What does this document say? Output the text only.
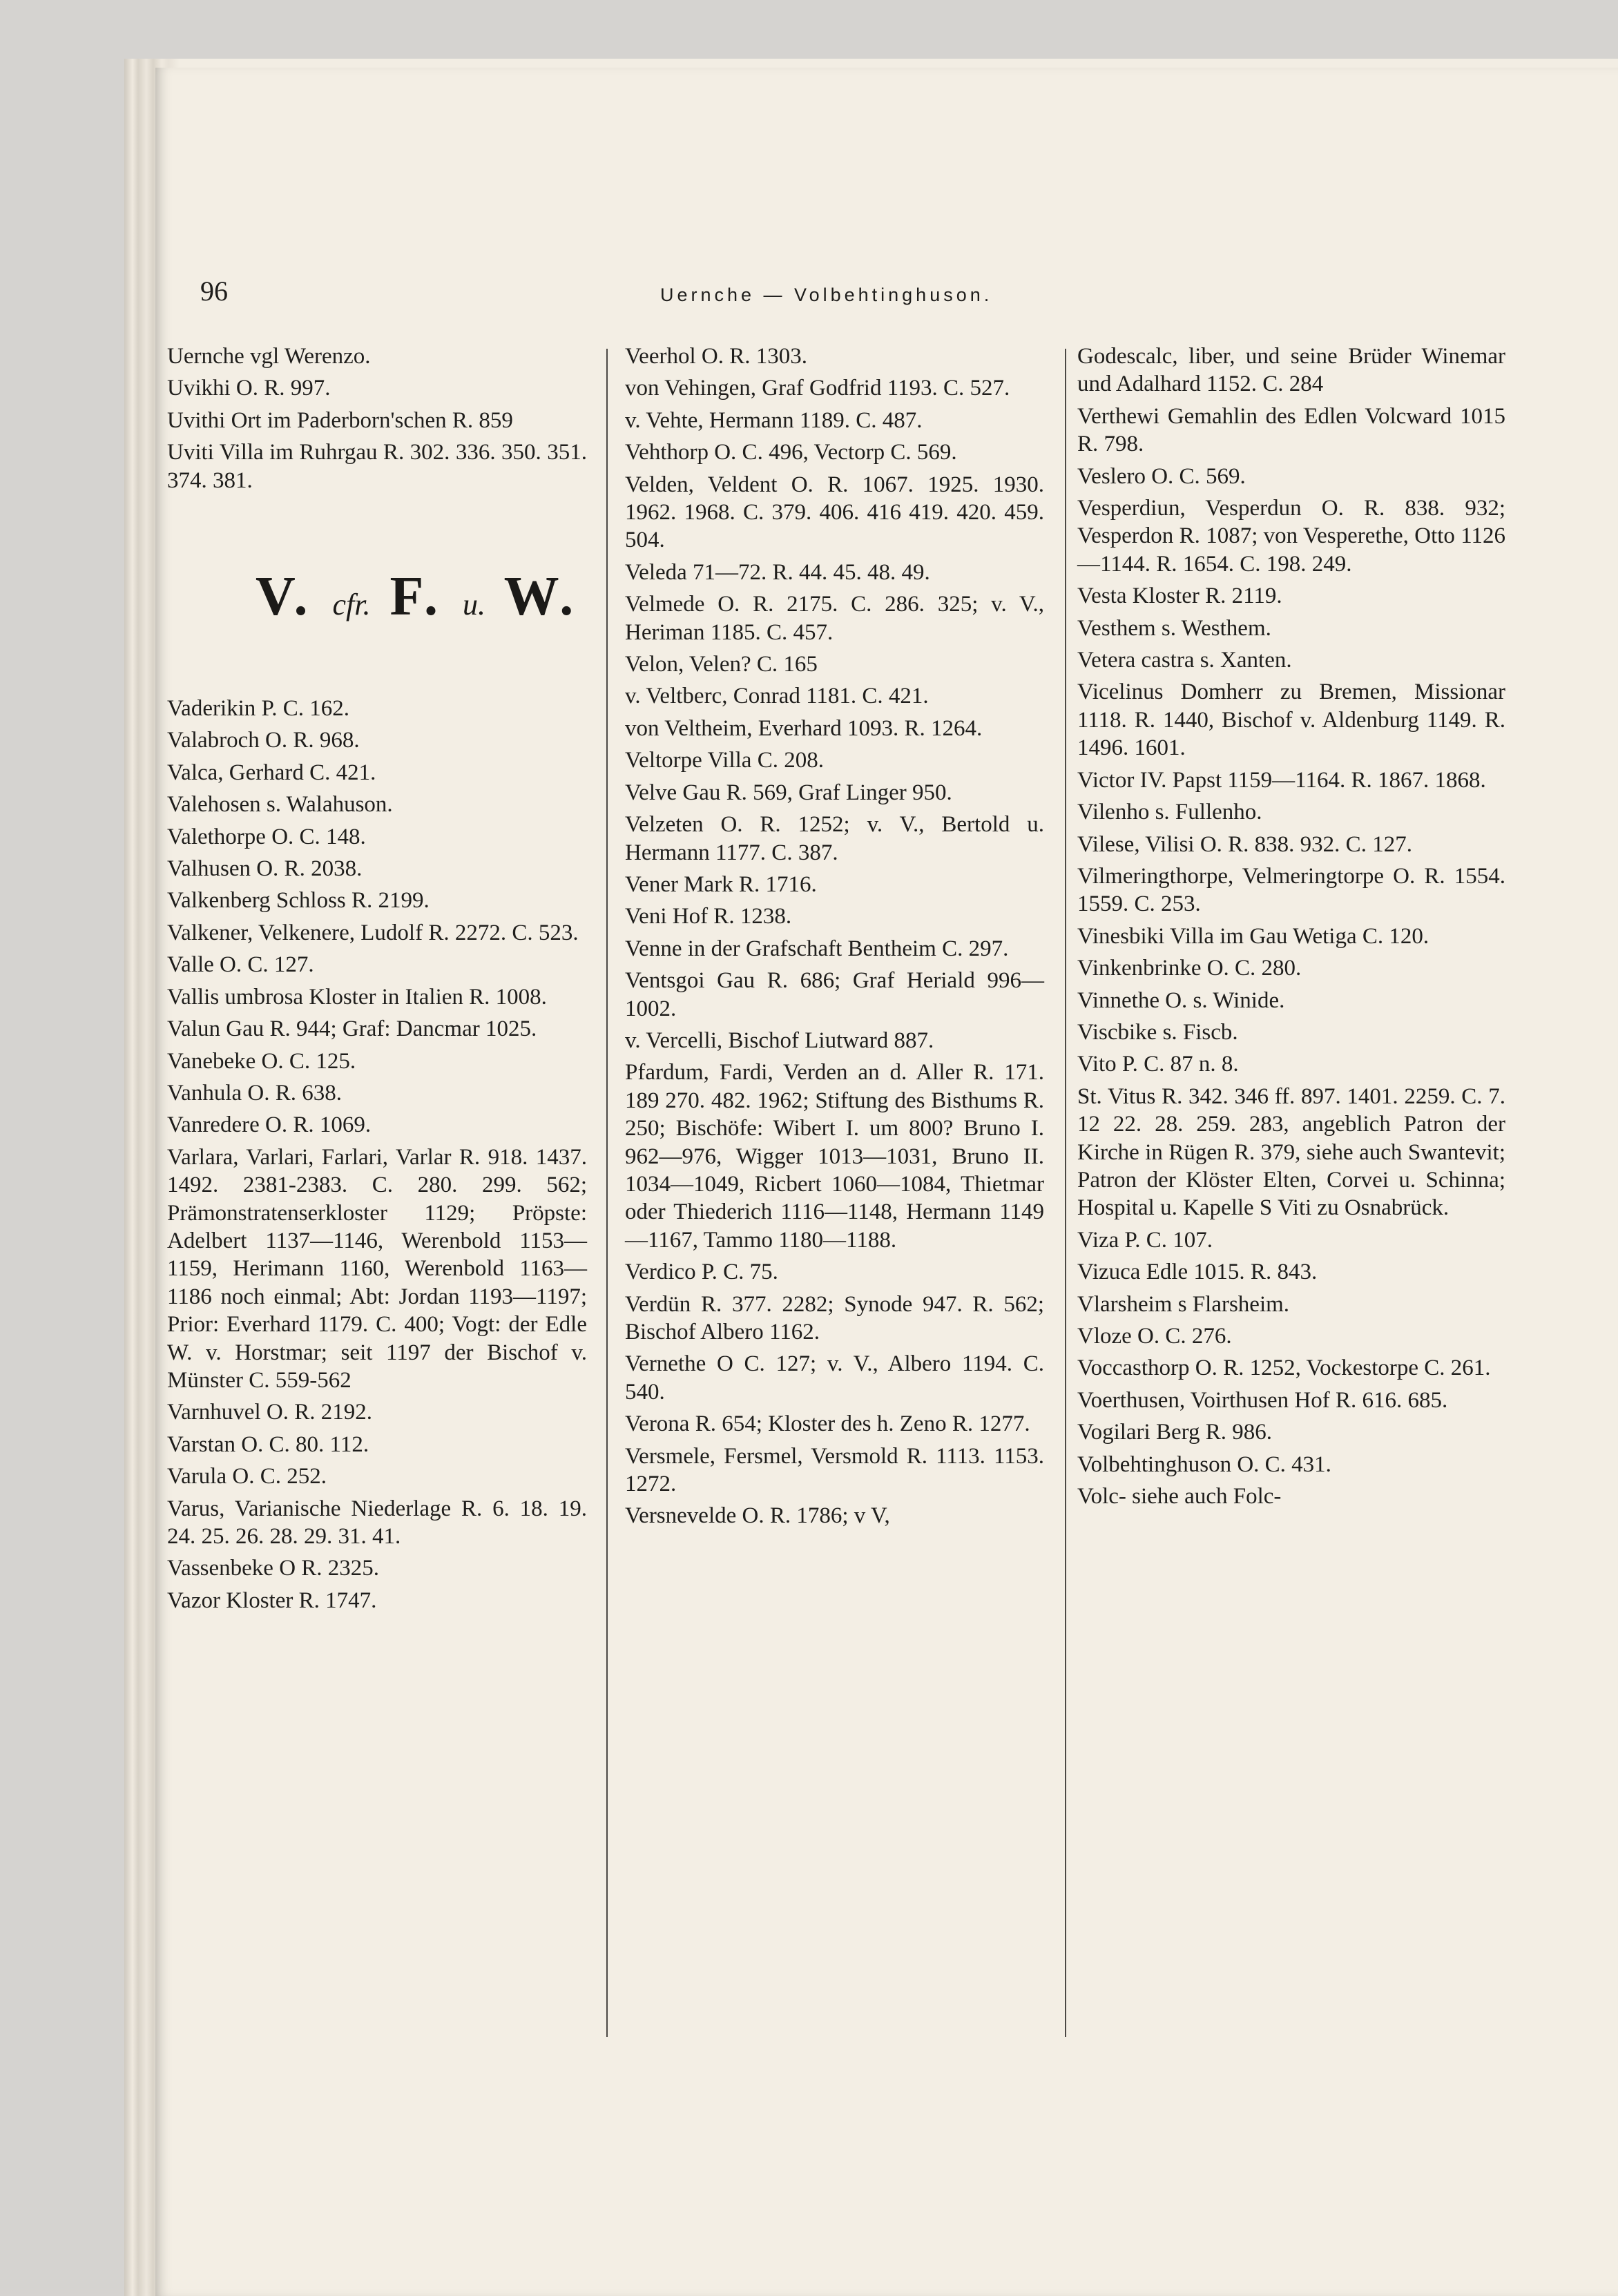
96	Uernche — Volbehtinghuson.

Uernche vgl Werenzo.

Uvikhi O. R. 997.

Uvithi Ort im Paderborn'schen R. 859

Uviti Villa im Ruhrgau R. 302. 336. 350. 351. 374. 381.

V. cfr. F. u. W.

Vaderikin P. C. 162.

Valabroch O. R. 968.

Valca, Gerhard C. 421.

Valehosen s. Walahuson.

Valethorpe O. C. 148.

Valhusen O. R. 2038.

Valkenberg Schloss R. 2199.

Valkener, Velkenere, Ludolf R. 2272. C. 523.

Valle O. C. 127.

Vallis umbrosa Kloster in Italien R. 1008.

Valun Gau R. 944; Graf: Dancmar 1025.

Vanebeke O. C. 125.

Vanhula O. R. 638.

Vanredere O. R. 1069.

Varlara, Varlari, Farlari, Varlar R. 918. 1437. 1492. 2381-2383. C. 280. 299. 562; Prämonstratenserkloster 1129; Pröpste: Adelbert 1137—1146, Werenbold 1153—1159, Herimann 1160, Werenbold 1163—1186 noch einmal; Abt: Jordan 1193—1197; Prior: Everhard 1179. C. 400; Vogt: der Edle W. v. Horstmar; seit 1197 der Bischof v. Münster C. 559-562

Varnhuvel O. R. 2192.

Varstan O. C. 80. 112.

Varula O. C. 252.

Varus, Varianische Niederlage R. 6. 18. 19. 24. 25. 26. 28. 29. 31. 41.

Vassenbeke O R. 2325.

Vazor Kloster R. 1747.

Veerhol O. R. 1303.

von Vehingen, Graf Godfrid 1193. C. 527.

v. Vehte, Hermann 1189. C. 487.

Vehthorp O. C. 496, Vectorp C. 569.

Velden, Veldent O. R. 1067. 1925. 1930. 1962. 1968. C. 379. 406. 416 419. 420. 459. 504.

Veleda 71—72. R. 44. 45. 48. 49.

Velmede O. R. 2175. C. 286. 325; v. V., Heriman 1185. C. 457.

Velon, Velen? C. 165

v. Veltberc, Conrad 1181. C. 421.

von Veltheim, Everhard 1093. R. 1264.

Veltorpe Villa C. 208.

Velve Gau R. 569, Graf Linger 950.

Velzeten O. R. 1252; v. V., Bertold u. Hermann 1177. C. 387.

Vener Mark R. 1716.

Veni Hof R. 1238.

Venne in der Grafschaft Bentheim C. 297.

Ventsgoi Gau R. 686; Graf Heriald 996—1002.

v. Vercelli, Bischof Liutward 887.

Pfardum, Fardi, Verden an d. Aller R. 171. 189 270. 482. 1962; Stiftung des Bisthums R. 250; Bischöfe: Wibert I. um 800? Bruno I. 962—976, Wigger 1013—1031, Bruno II. 1034—1049, Ricbert 1060—1084, Thietmar oder Thiederich 1116—1148, Hermann 1149—1167, Tammo 1180—1188.

Verdico P. C. 75.

Verdün R. 377. 2282; Synode 947. R. 562; Bischof Albero 1162.

Vernethe O C. 127; v. V., Albero 1194. C. 540.

Verona R. 654; Kloster des h. Zeno R. 1277.

Versmele, Fersmel, Versmold R. 1113. 1153. 1272.

Versnevelde O. R. 1786; v V,

Godescalc, liber, und seine Brüder Winemar und Adalhard 1152. C. 284

Verthewi Gemahlin des Edlen Volcward 1015 R. 798.

Veslero O. C. 569.

Vesperdiun, Vesperdun O. R. 838. 932; Vesperdon R. 1087; von Vesperethe, Otto 1126—1144. R. 1654. C. 198. 249.

Vesta Kloster R. 2119.

Vesthem s. Westhem.

Vetera castra s. Xanten.

Vicelinus Domherr zu Bremen, Missionar 1118. R. 1440, Bischof v. Aldenburg 1149. R. 1496. 1601.

Victor IV. Papst 1159—1164. R. 1867. 1868.

Vilenho s. Fullenho.

Vilese, Vilisi O. R. 838. 932. C. 127.

Vilmeringthorpe, Velmeringtorpe O. R. 1554. 1559. C. 253.

Vinesbiki Villa im Gau Wetiga C. 120.

Vinkenbrinke O. C. 280.

Vinnethe O. s. Winide.

Viscbike s. Fiscb.

Vito P. C. 87 n. 8.

St. Vitus R. 342. 346 ff. 897. 1401. 2259. C. 7. 12 22. 28. 259. 283, angeblich Patron der Kirche in Rügen R. 379, siehe auch Swantevit; Patron der Klöster Elten, Corvei u. Schinna; Hospital u. Kapelle S Viti zu Osnabrück.

Viza P. C. 107.

Vizuca Edle 1015. R. 843.

Vlarsheim s Flarsheim.

Vloze O. C. 276.

Voccasthorp O. R. 1252, Vockestorpe C. 261.

Voerthusen, Voirthusen Hof R. 616. 685.

Vogilari Berg R. 986.

Volbehtinghuson O. C. 431.

Volc- siehe auch Folc-
